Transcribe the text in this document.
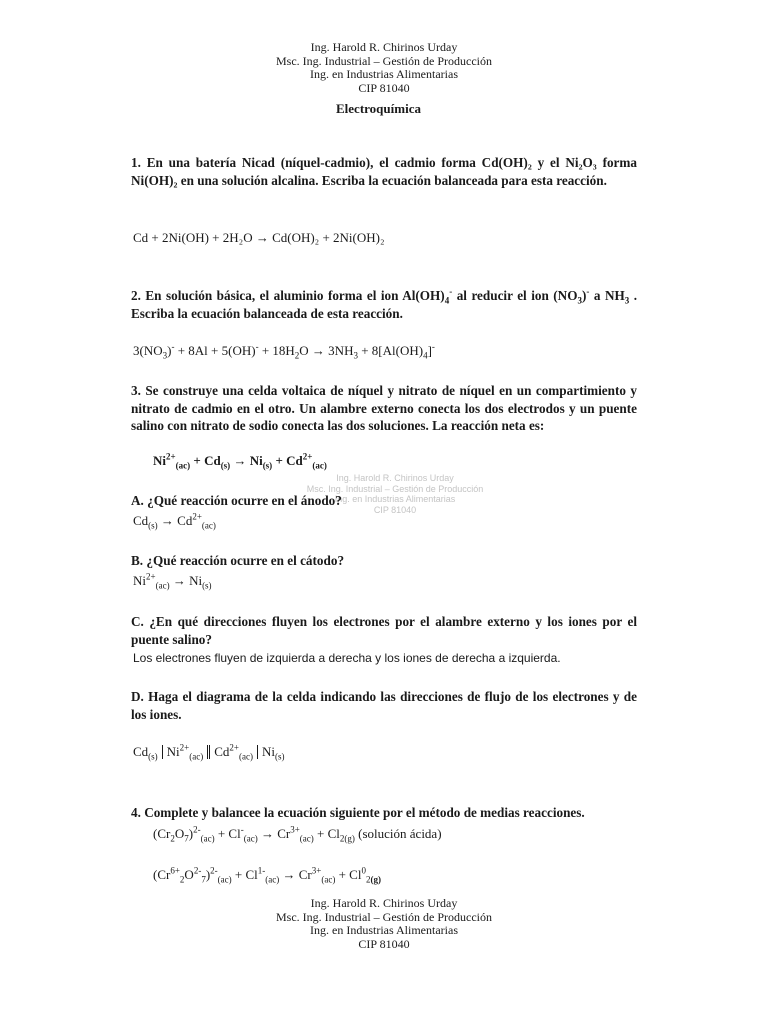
Ing. Harold R. Chirinos Urday
Msc. Ing. Industrial – Gestión de Producción
Ing. en Industrias Alimentarias
CIP 81040
Electroquímica
1. En una batería Nicad (níquel-cadmio), el cadmio forma Cd(OH)₂ y el Ni₂O₃ forma Ni(OH)₂ en una solución alcalina. Escriba la ecuación balanceada para esta reacción.
Cd + 2Ni(OH) + 2H₂O → Cd(OH)₂ + 2Ni(OH)₂
2. En solución básica, el aluminio forma el ion $Al(OH)_4^-$ al reducir el ion $(NO_3)^-$ a $NH_3$ . Escriba la ecuación balanceada de esta reacción.
$3(NO_3)^- + 8Al + 5(OH)^- + 18H_2O \to 3NH_3 + 8[Al(OH)_4]^-$
3. Se construye una celda voltaica de níquel y nitrato de níquel en un compartimiento y nitrato de cadmio en el otro. Un alambre externo conecta los dos electrodos y un puente salino con nitrato de sodio conecta las dos soluciones. La reacción neta es:
$Ni^{2+}_{(ac)} + Cd_{(s)} \to Ni_{(s)} + Cd^{2+}_{(ac)}$
Ing. Harold R. Chirinos Urday
Msc. Ing. Industrial – Gestión de Producción
Ing. en Industrias Alimentarias
CIP 81040
A. ¿Qué reacción ocurre en el ánodo?
$Cd_{(s)} \to Cd^{2+}_{(ac)}$
B. ¿Qué reacción ocurre en el cátodo?
$Ni^{2+}_{(ac)} \to Ni_{(s)}$
C. ¿En qué direcciones fluyen los electrones por el alambre externo y los iones por el puente salino?
Los electrones fluyen de izquierda a derecha y los iones de derecha a izquierda.
D. Haga el diagrama de la celda indicando las direcciones de flujo de los electrones y de los iones.
$Cd_{(s)}$ $Ni^{2+}_{(ac)}$ $Cd^{2+}_{(ac)}$ $Ni_{(s)}$
4. Complete y balancee la ecuación siguiente por el método de medias reacciones.
$(Cr_2O_7)^{2-}_{(ac)} + Cl^-_{(ac)} \to Cr^{3+}_{(ac)} + Cl_{2(g)}$ (solución ácida)
$(Cr^{6+}_2O^{2-}_7)^{2-}_{(ac)} + Cl^{1-}_{(ac)} \to Cr^{3+}_{(ac)} + Cl^0_{2(g)}$
Ing. Harold R. Chirinos Urday
Msc. Ing. Industrial – Gestión de Producción
Ing. en Industrias Alimentarias
CIP 81040
